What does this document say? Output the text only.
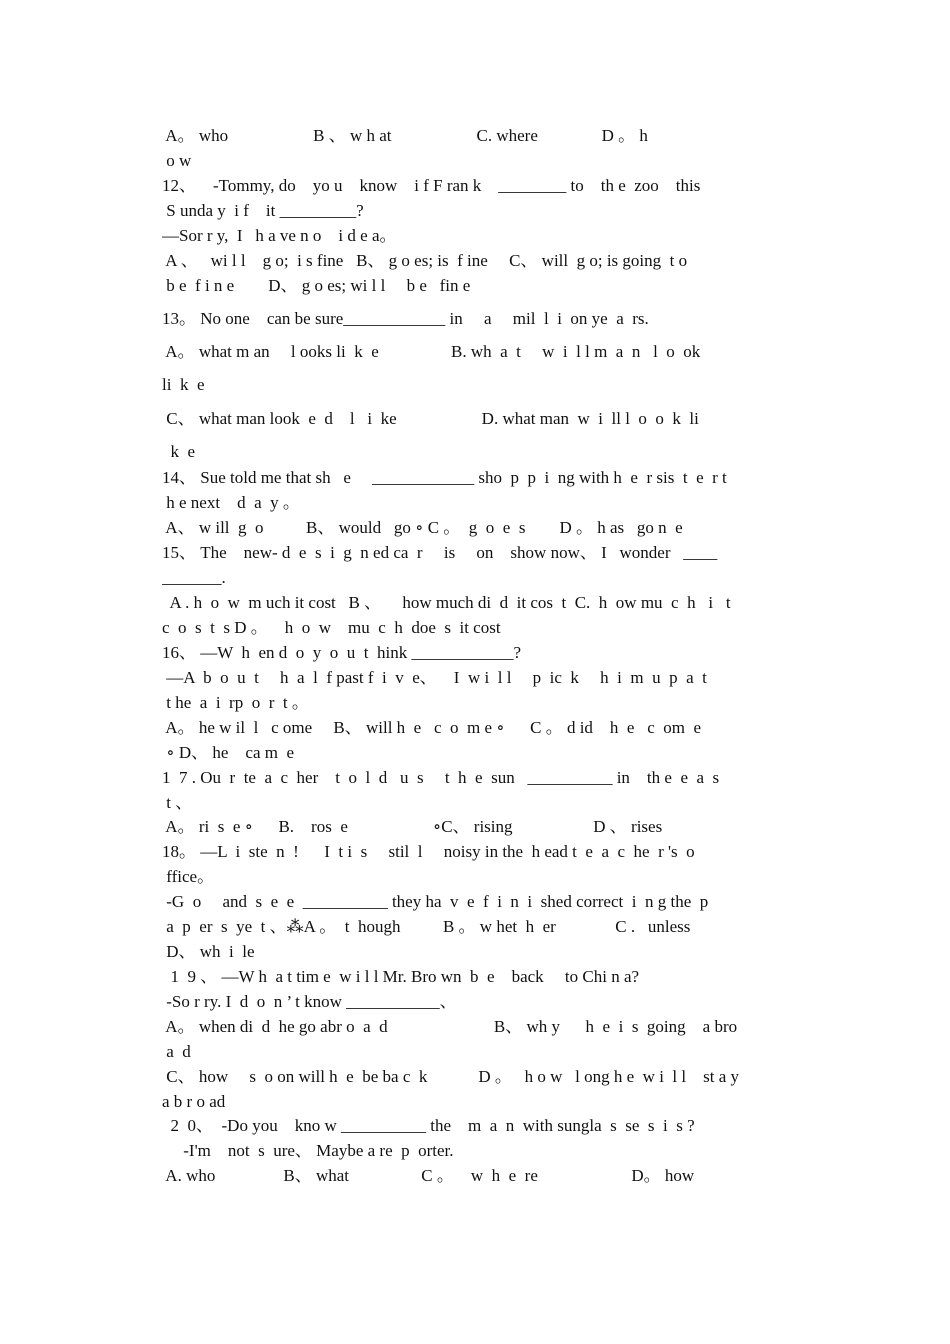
A。 who                    B 、 w h at                    C. where               D 。 h
o w
12、    -Tommy, do    yo u    know    i f F ran k    ________ to    th e  zoo    this
S unda y  i f    it _________?
—Sor r y,  I   h a ve n o    i d e a。
A 、   wi l l    g o;  i s fine   B、 g o es; is  f ine     C、 will  g o; is going  t o
b e  f i n e        D、 g o es; wi l l     b e   fin e
13。 No one    can be sure____________ in     a     mil  l  i  on ye  a  rs.
A。 what m an     l ooks li  k  e                 B. wh  a  t     w  i  l l m  a  n   l  o  ok
li  k  e
C、 what man look  e  d    l   i  ke                    D. what man  w  i  ll l  o  o  k  li
k  e
14、 Sue told me that sh   e     ____________ sho  p  p  i  ng with h  e  r sis  t  e  r t
h e next    d  a  y 。
A、 w ill  g  o          B、 would   go ∘ C 。  g  o  e  s        D 。 h as   go n  e
15、 The    new- d  e  s  i  g  n ed ca  r     is     on    show now、 I   wonder   ____
_______.
A . h  o  w  m uch it cost   B 、     how much di  d  it cos  t  C.  h  ow mu  c  h   i   t
c  o  s  t  s D 。    h  o  w    mu  c  h  doe  s  it cost
16、 —W  h  en d  o  y  o  u  t  hink ____________?
—A  b  o  u  t     h  a  l  f past f  i  v  e、    I  w i  l l     p  ic  k     h  i  m  u  p  a  t
t he  a  i  rp  o  r  t 。
A。 he w il  l   c ome     B、 will h  e   c  o  m e ∘      C 。 d id    h  e   c  om  e
∘ D、 he    ca m  e
1  7 . Ou  r  te  a  c  her    t  o  l  d   u  s     t  h  e  sun   __________ in    th e  e  a  s
t 、
A。 ri  s  e ∘      B.    ros  e                    ∘C、 rising                   D 、 rises
18。 —L  i  ste  n  !      I  t i  s     stil  l     noisy in the  h ead t  e  a  c  he  r 's  o
ffice。
-G  o     and  s  e  e  __________ they ha  v  e  f  i  n  i  shed correct  i  n g the  p
a  p  er  s  ye  t 、⁂A 。  t  hough          B 。 w het  h  er              C .   unless
D、 wh  i  le
1  9 、 —W h  a t tim e  w i l l Mr. Bro wn  b  e    back     to Chi n a?
-So r ry. I  d  o  n ’ t know ___________、
A。 when di  d  he go abr o  a  d                         B、 wh y      h  e  i  s  going    a bro
a  d
C、 how     s  o on will h  e  be ba c  k            D 。   h o w   l ong h e  w i  l l    st a y
a b r o ad
2  0、  ‑Do you    kno w __________ the    m  a  n  with sungla  s  se  s  i  s ?
-I'm    not  s  ure、 Maybe a re  p  orter.
A. who                B、 what                 C 。    w  h  e  re                      D。 how
